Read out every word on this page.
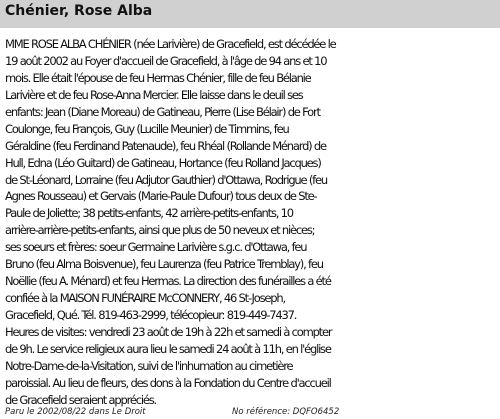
Chénier, Rose Alba
MME ROSE ALBA CHÉNIER (née Larivière) de Gracefield, est décédée le
19 août 2002 au Foyer d'accueil de Gracefield, à l'âge de 94 ans et 10
mois. Elle était l'épouse de feu Hermas Chénier, fille de feu Bélanie
Larivière et de feu Rose-Anna Mercier. Elle laisse dans le deuil ses
enfants: Jean (Diane Moreau) de Gatineau, Pierre (Lise Bélair) de Fort
Coulonge, feu François, Guy (Lucille Meunier) de Timmins, feu
Géraldine (feu Ferdinand Patenaude), feu Rhéal (Rollande Ménard) de
Hull, Edna (Léo Guitard) de Gatineau, Hortance (feu Rolland Jacques)
de St-Léonard, Lorraine (feu Adjutor Gauthier) d'Ottawa, Rodrigue (feu
Agnes Rousseau) et Gervais (Marie-Paule Dufour) tous deux de Ste-
Paule de Joliette; 38 petits-enfants, 42 arrière-petits-enfants, 10
arrière-arrière-petits-enfants, ainsi que plus de 50 neveux et nièces;
ses soeurs et frères: soeur Germaine Larivière s.g.c. d'Ottawa, feu
Bruno (feu Alma Boisvenue), feu Laurenza (feu Patrice Tremblay), feu
Noëllie (feu A. Ménard) et feu Hermas. La direction des funérailles a été
confiée à la MAISON FUNÉRAIRE McCONNERY, 46 St-Joseph,
Gracefield, Qué. Tél. 819-463-2999, télécopieur: 819-449-7437.
Heures de visites: vendredi 23 août de 19h à 22h et samedi à compter
de 9h. Le service religieux aura lieu le samedi 24 août à 11h, en l'église
Notre-Dame-de-la-Visitation, suivi de l'inhumation au cimetière
paroissial. Au lieu de fleurs, des dons à la Fondation du Centre d'accueil
de Gracefield seraient appréciés.
Paru le 2002/08/22 dans Le Droit	No référence: DQFO6452
